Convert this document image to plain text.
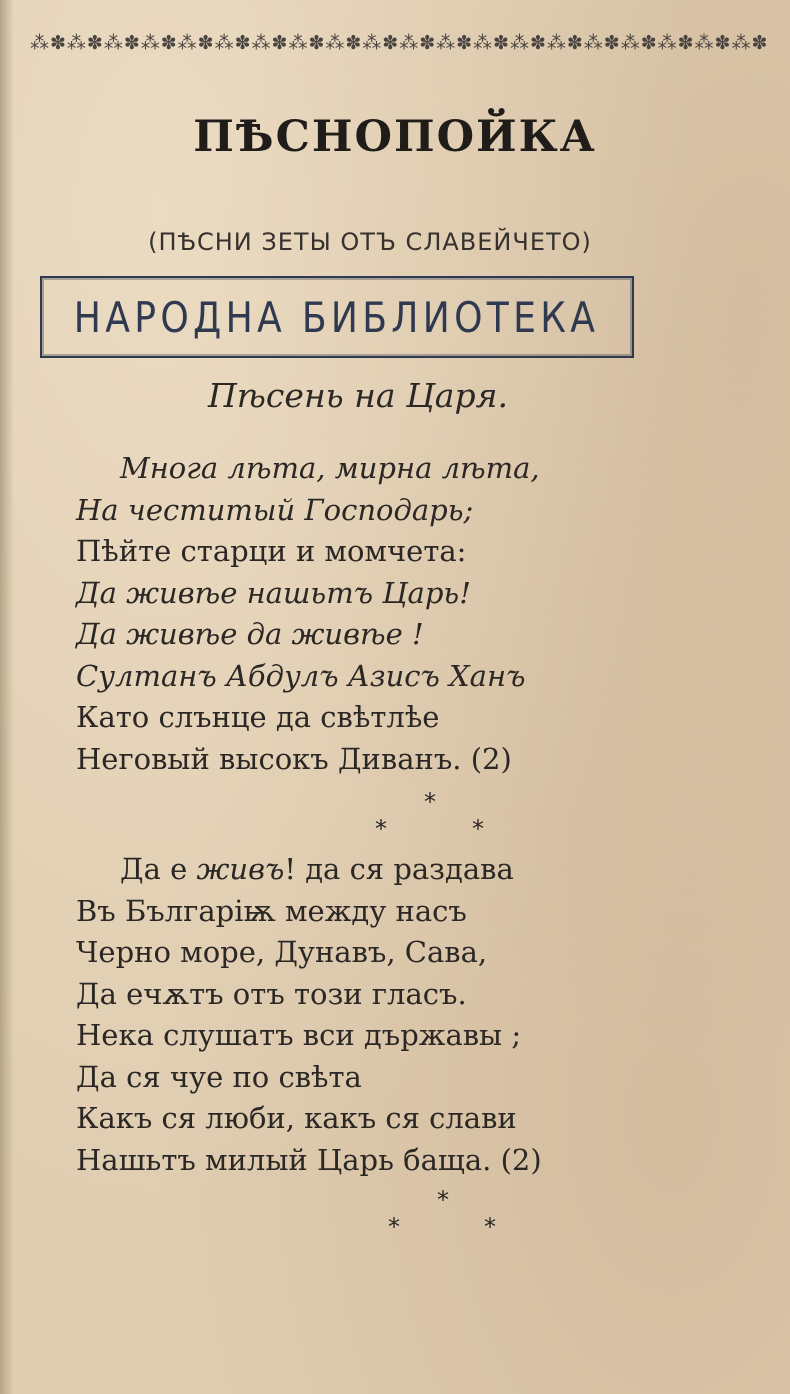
⁂✽⁂✽⁂✽⁂✽⁂✽⁂✽⁂✽⁂✽⁂✽⁂✽⁂✽⁂✽⁂✽⁂✽⁂✽⁂✽⁂✽⁂✽⁂✽⁂✽
ПѢСНОПОЙКА
(ПѢСНИ ЗЕТЫ ОТЪ СЛАВЕЙЧЕТО)
НАРОДНА БИБЛИОТЕКА
Пѣсень на Царя.
Многа лѣта, мирна лѣта,
На честитый Господарь;
Пѣйте старци и момчета:
Да живѣе нашьтъ Царь!
Да живѣе да живѣе !
Султанъ Абдулъ Азисъ Ханъ
Като слънце да свѣтлѣе
Неговый высокъ Диванъ. (2)
*
*	*
Да е живъ! да ся раздава
Въ Българіѭ между насъ
Черно море, Дунавъ, Сава,
Да ечѫтъ отъ този гласъ.
Нека слушатъ вси държавы ;
Да ся чуе по свѣта
Какъ ся люби, какъ ся слави
Нашьтъ милый Царь баща. (2)
*
*	*
